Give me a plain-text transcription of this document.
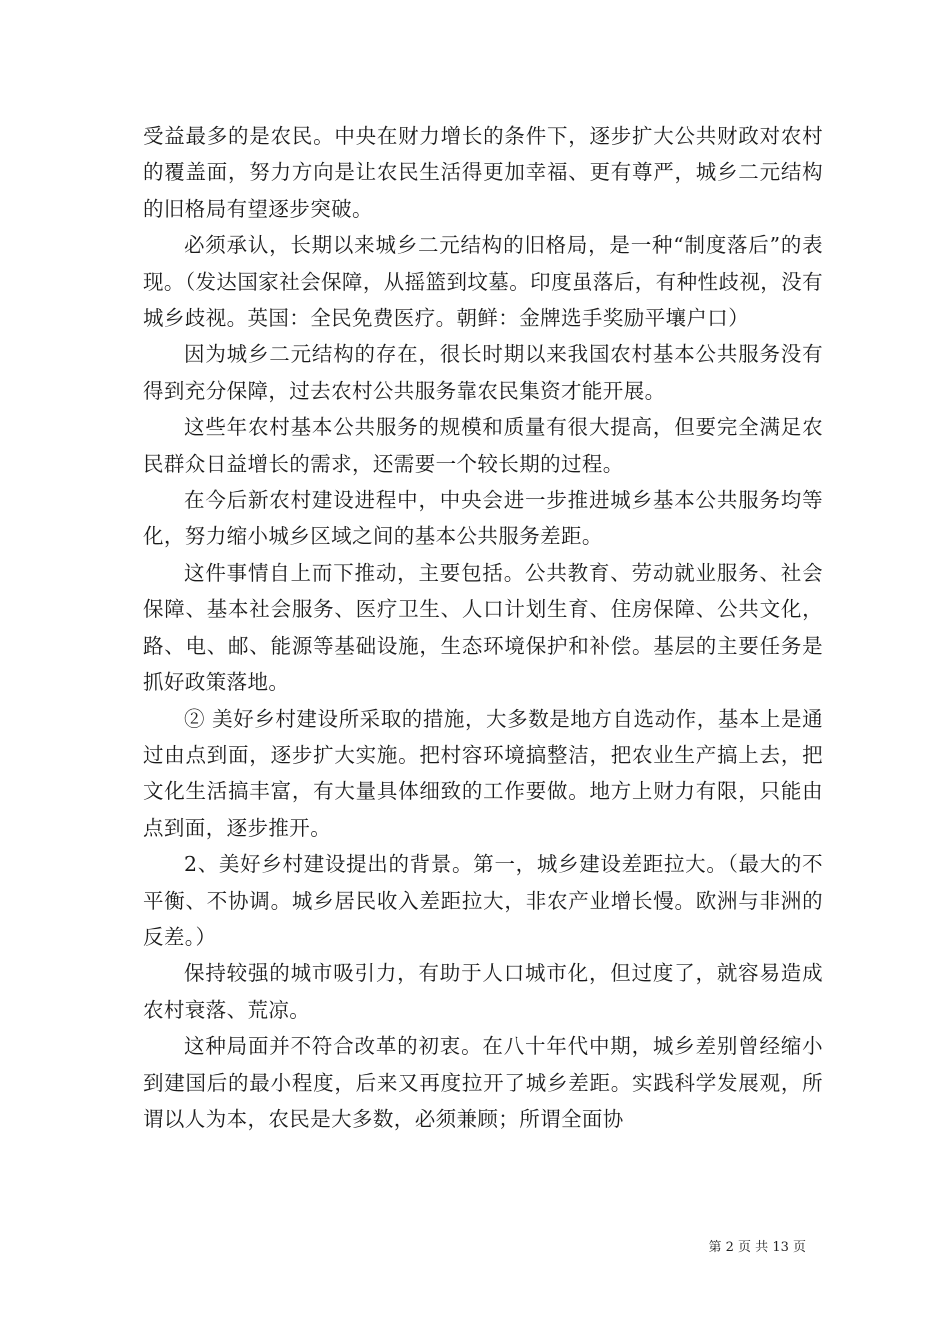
受益最多的是农民。中央在财力增长的条件下，逐步扩大公共财政对农村的覆盖面，努力方向是让农民生活得更加幸福、更有尊严，城乡二元结构的旧格局有望逐步突破。

必须承认，长期以来城乡二元结构的旧格局，是一种“制度落后”的表现。（发达国家社会保障，从摇篮到坟墓。印度虽落后，有种性歧视，没有城乡歧视。英国：全民免费医疗。朝鲜：金牌选手奖励平壤户口）

因为城乡二元结构的存在，很长时期以来我国农村基本公共服务没有得到充分保障，过去农村公共服务靠农民集资才能开展。

这些年农村基本公共服务的规模和质量有很大提高，但要完全满足农民群众日益增长的需求，还需要一个较长期的过程。

在今后新农村建设进程中，中央会进一步推进城乡基本公共服务均等化，努力缩小城乡区域之间的基本公共服务差距。

这件事情自上而下推动，主要包括。公共教育、劳动就业服务、社会保障、基本社会服务、医疗卫生、人口计划生育、住房保障、公共文化，路、电、邮、能源等基础设施，生态环境保护和补偿。基层的主要任务是抓好政策落地。

② 美好乡村建设所采取的措施，大多数是地方自选动作，基本上是通过由点到面，逐步扩大实施。把村容环境搞整洁，把农业生产搞上去，把文化生活搞丰富，有大量具体细致的工作要做。地方上财力有限，只能由点到面，逐步推开。

2、美好乡村建设提出的背景。第一，城乡建设差距拉大。（最大的不平衡、不协调。城乡居民收入差距拉大，非农产业增长慢。欧洲与非洲的反差。）

保持较强的城市吸引力，有助于人口城市化，但过度了，就容易造成农村衰落、荒凉。

这种局面并不符合改革的初衷。在八十年代中期，城乡差别曾经缩小到建国后的最小程度，后来又再度拉开了城乡差距。实践科学发展观，所谓以人为本，农民是大多数，必须兼顾；所谓全面协

第 2 页 共 13 页
